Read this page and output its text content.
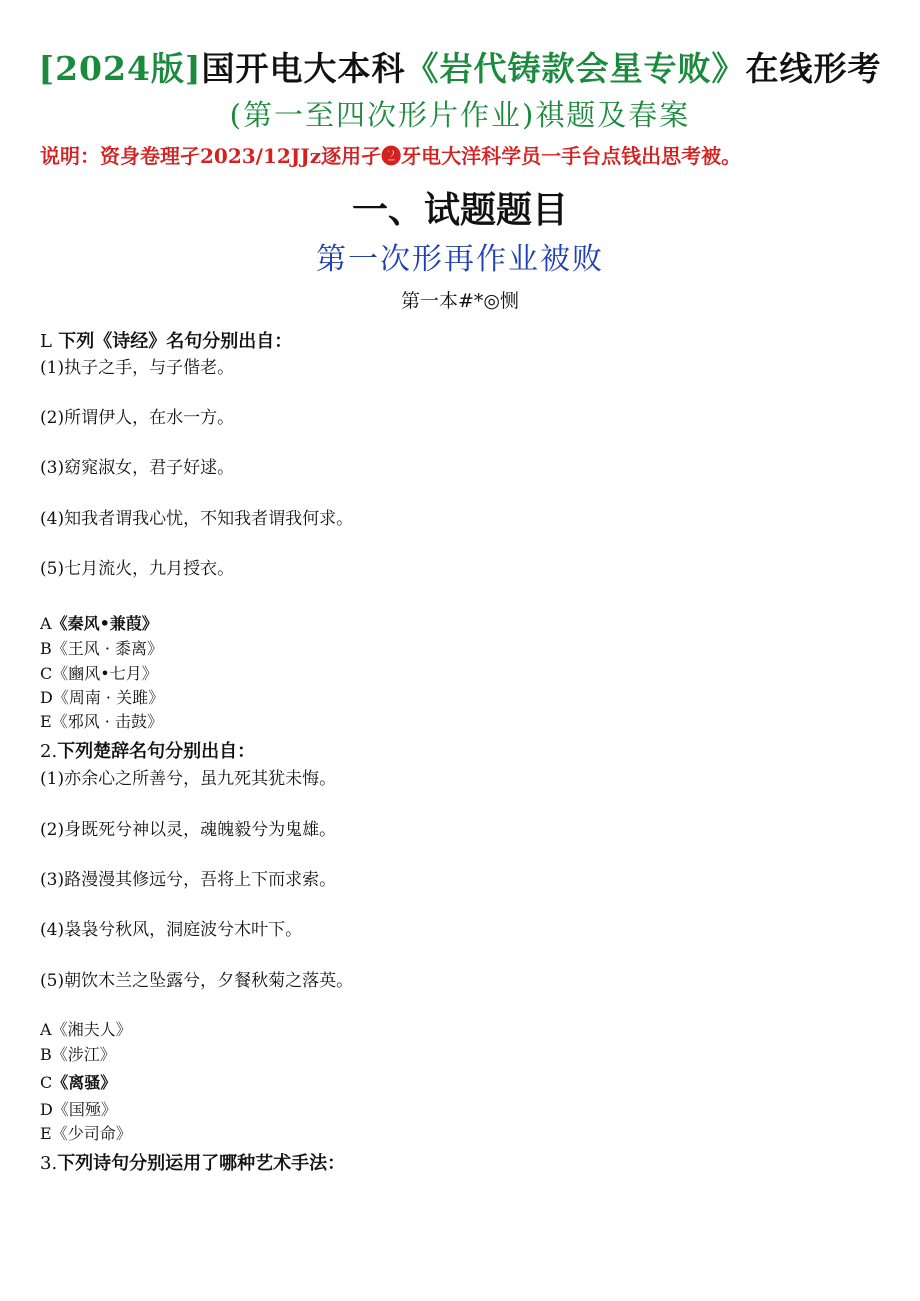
[2024版]国开电大本科《岩代铸款会星专败》在线形考
(第一至四次形片作业)祺题及春案
说明：资身卷理孑2023/12JJz逐用孑❷牙电大洋科学员一手台点钱出思考被。
一、试题题目
第一次形再作业被败
第一本#*◎恻
L 下列《诗经》名句分别出自：
(1)执子之手，与子偕老。
(2)所谓伊人，在水一方。
(3)窈窕淑女，君子好逑。
(4)知我者谓我心忧，不知我者谓我何求。
(5)七月流火，九月授衣。
A《秦风•兼葭》
B《王风 · 黍离》
C《豳风•七月》
D《周南 · 关雎》
E《邪风 · 击鼓》
2.下列楚辞名句分别出自：
(1)亦余心之所善兮，虽九死其犹未悔。
(2)身既死兮神以灵，魂魄毅兮为鬼雄。
(3)路漫漫其修远兮，吾将上下而求索。
(4)袅袅兮秋风，洞庭波兮木叶下。
(5)朝饮木兰之坠露兮，夕餐秋菊之落英。
A《湘夫人》
B《涉江》
C《离骚》
D《国殛》
E《少司命》
3.下列诗句分别运用了哪种艺术手法：
